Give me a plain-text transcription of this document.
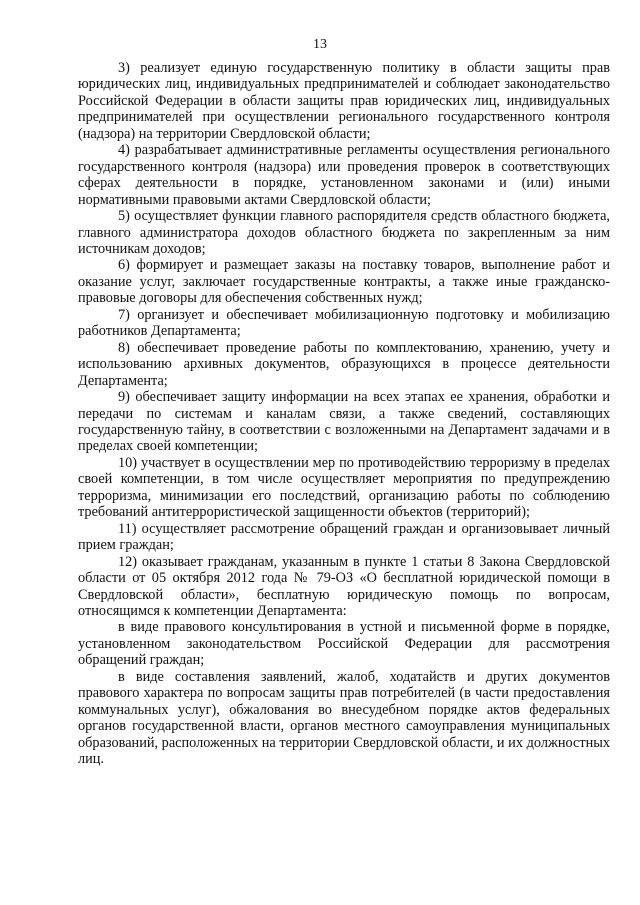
13

3) реализует единую государственную политику в области защиты прав юридических лиц, индивидуальных предпринимателей и соблюдает законодательство Российской Федерации в области защиты прав юридических лиц, индивидуальных предпринимателей при осуществлении регионального государственного контроля (надзора) на территории Свердловской области;

4) разрабатывает административные регламенты осуществления регионального государственного контроля (надзора) или проведения проверок в соответствующих сферах деятельности в порядке, установленном законами и (или) иными нормативными правовыми актами Свердловской области;

5) осуществляет функции главного распорядителя средств областного бюджета, главного администратора доходов областного бюджета по закрепленным за ним источникам доходов;

6) формирует и размещает заказы на поставку товаров, выполнение работ и оказание услуг, заключает государственные контракты, а также иные гражданско-правовые договоры для обеспечения собственных нужд;

7) организует и обеспечивает мобилизационную подготовку и мобилизацию работников Департамента;

8) обеспечивает проведение работы по комплектованию, хранению, учету и использованию архивных документов, образующихся в процессе деятельности Департамента;

9) обеспечивает защиту информации на всех этапах ее хранения, обработки и передачи по системам и каналам связи, а также сведений, составляющих государственную тайну, в соответствии с возложенными на Департамент задачами и в пределах своей компетенции;

10) участвует в осуществлении мер по противодействию терроризму в пределах своей компетенции, в том числе осуществляет мероприятия по предупреждению терроризма, минимизации его последствий, организацию работы по соблюдению требований антитеррористической защищенности объектов (территорий);

11) осуществляет рассмотрение обращений граждан и организовывает личный прием граждан;

12) оказывает гражданам, указанным в пункте 1 статьи 8 Закона Свердловской области от 05 октября 2012 года № 79-ОЗ «О бесплатной юридической помощи в Свердловской области», бесплатную юридическую помощь по вопросам, относящимся к компетенции Департамента:

в виде правового консультирования в устной и письменной форме в порядке, установленном законодательством Российской Федерации для рассмотрения обращений граждан;

в виде составления заявлений, жалоб, ходатайств и других документов правового характера по вопросам защиты прав потребителей (в части предоставления коммунальных услуг), обжалования во внесудебном порядке актов федеральных органов государственной власти, органов местного самоуправления муниципальных образований, расположенных на территории Свердловской области, и их должностных лиц.
